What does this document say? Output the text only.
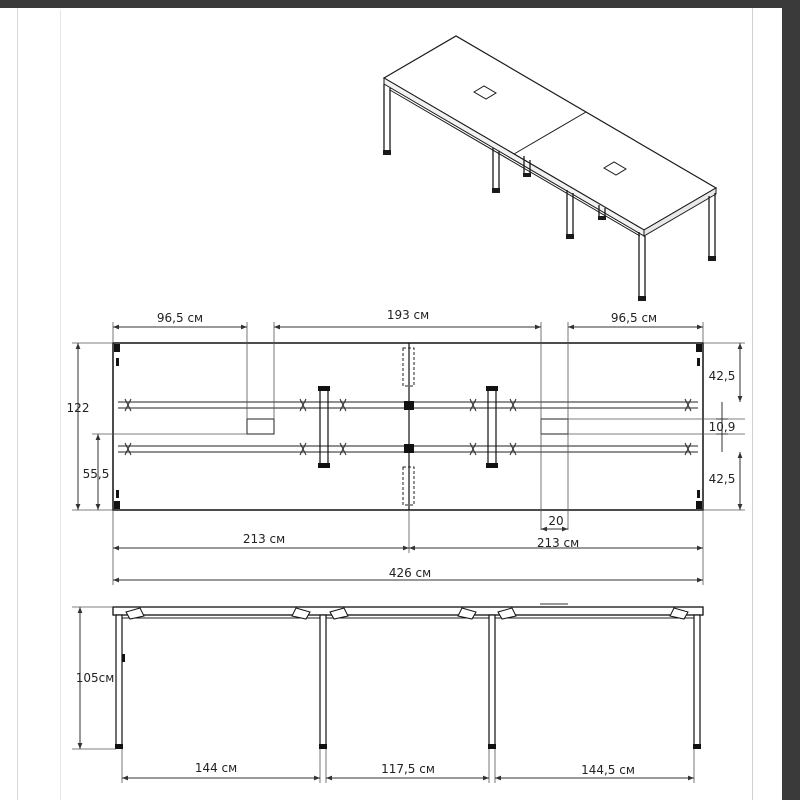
96,5 см	193 см	96,5 см
122
55,5
42,5
10,9
42,5
20
213 см	213 см
426 см
105см
144 см	117,5 см	144,5 см
